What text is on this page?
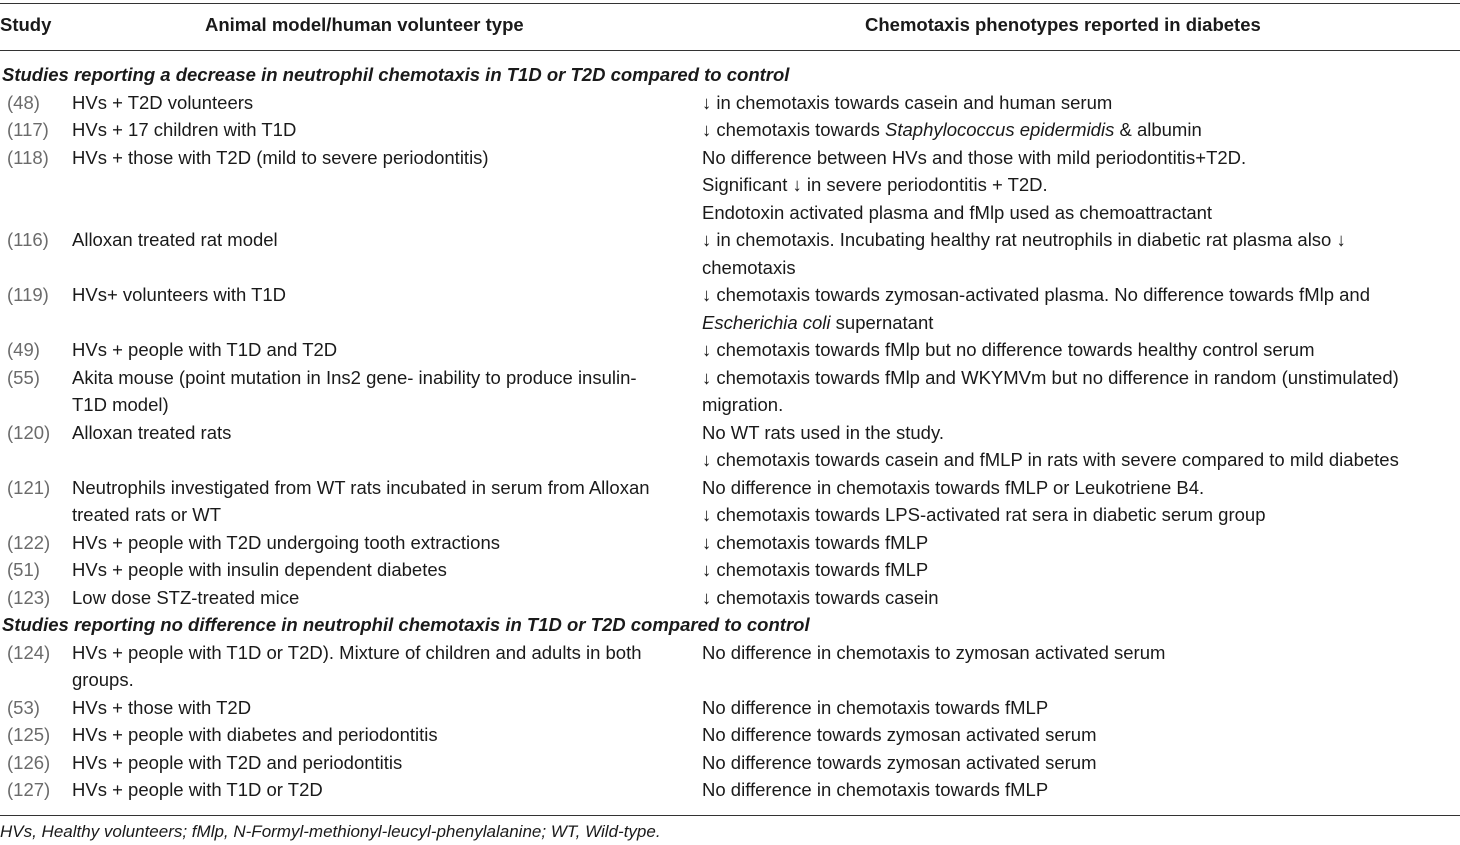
Study	Animal model/human volunteer type	Chemotaxis phenotypes reported in diabetes
Studies reporting a decrease in neutrophil chemotaxis in T1D or T2D compared to control
(48) HVs + T2D volunteers	↓ in chemotaxis towards casein and human serum
(117) HVs + 17 children with T1D	↓ chemotaxis towards Staphylococcus epidermidis & albumin
(118) HVs + those with T2D (mild to severe periodontitis)	No difference between HVs and those with mild periodontitis+T2D.
Significant ↓ in severe periodontitis + T2D.
Endotoxin activated plasma and fMlp used as chemoattractant
(116) Alloxan treated rat model	↓ in chemotaxis. Incubating healthy rat neutrophils in diabetic rat plasma also ↓
chemotaxis
(119) HVs+ volunteers with T1D	↓ chemotaxis towards zymosan-activated plasma. No difference towards fMlp and
Escherichia coli supernatant
(49) HVs + people with T1D and T2D	↓ chemotaxis towards fMlp but no difference towards healthy control serum
(55) Akita mouse (point mutation in Ins2 gene- inability to produce insulin-	↓ chemotaxis towards fMlp and WKYMVm but no difference in random (unstimulated)
T1D model)	migration.
(120) Alloxan treated rats	No WT rats used in the study.
↓ chemotaxis towards casein and fMLP in rats with severe compared to mild diabetes
(121) Neutrophils investigated from WT rats incubated in serum from Alloxan	No difference in chemotaxis towards fMLP or Leukotriene B4.
treated rats or WT	↓ chemotaxis towards LPS-activated rat sera in diabetic serum group
(122) HVs + people with T2D undergoing tooth extractions	↓ chemotaxis towards fMLP
(51) HVs + people with insulin dependent diabetes	↓ chemotaxis towards fMLP
(123) Low dose STZ-treated mice	↓ chemotaxis towards casein
Studies reporting no difference in neutrophil chemotaxis in T1D or T2D compared to control
(124) HVs + people with T1D or T2D). Mixture of children and adults in both	No difference in chemotaxis to zymosan activated serum
groups.
(53) HVs + those with T2D	No difference in chemotaxis towards fMLP
(125) HVs + people with diabetes and periodontitis	No difference towards zymosan activated serum
(126) HVs + people with T2D and periodontitis	No difference towards zymosan activated serum
(127) HVs + people with T1D or T2D	No difference in chemotaxis towards fMLP
HVs, Healthy volunteers; fMlp, N-Formyl-methionyl-leucyl-phenylalanine; WT, Wild-type.
